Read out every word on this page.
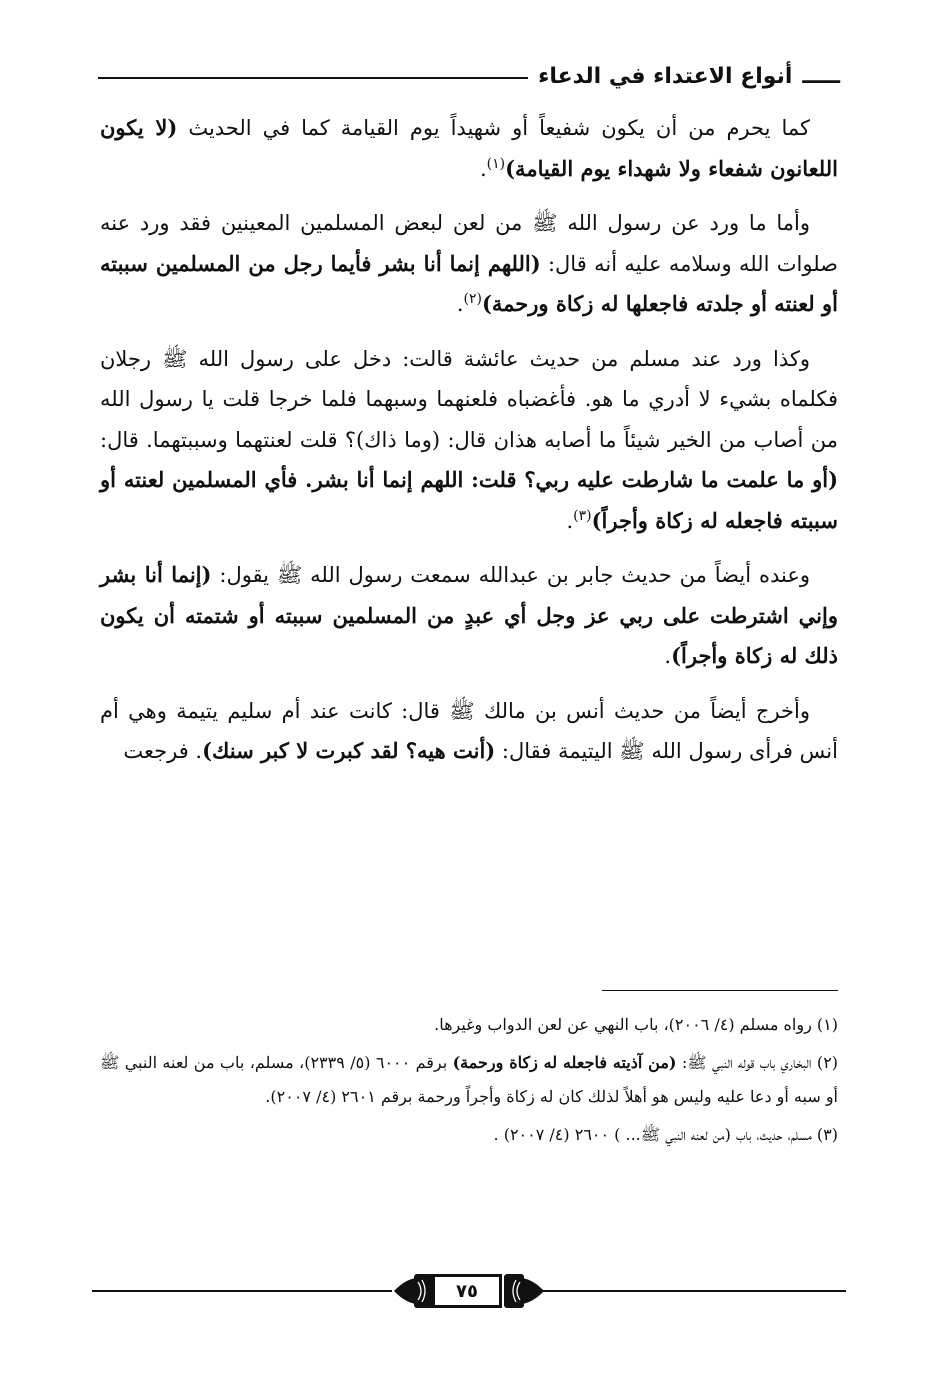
ـــــ
أنواع الاعتداء في الدعاء

كما يحرم من أن يكون شفيعاً أو شهيداً يوم القيامة كما في الحديث (لا يكون اللعانون شفعاء ولا شهداء يوم القيامة)$^{(١)}$.

وأما ما ورد عن رسول الله ﷺ من لعن لبعض المسلمين المعينين فقد ورد عنه صلوات الله وسلامه عليه أنه قال: (اللهم إنما أنا بشر فأيما رجل من المسلمين سببته أو لعنته أو جلدته فاجعلها له زكاة ورحمة)$^{(٢)}$.

وكذا ورد عند مسلم من حديث عائشة قالت: دخل على رسول الله ﷺ رجلان فكلماه بشيء لا أدري ما هو. فأغضباه فلعنهما وسبهما فلما خرجا قلت يا رسول الله من أصاب من الخير شيئاً ما أصابه هذان قال: (وما ذاك)؟ قلت لعنتهما وسببتهما. قال: (أو ما علمت ما شارطت عليه ربي؟ قلت: اللهم إنما أنا بشر. فأي المسلمين لعنته أو سببته فاجعله له زكاة وأجراً)$^{(٣)}$.

وعنده أيضاً من حديث جابر بن عبدالله سمعت رسول الله ﷺ يقول: (إنما أنا بشر وإني اشترطت على ربي عز وجل أي عبدٍ من المسلمين سببته أو شتمته أن يكون ذلك له زكاة وأجراً).

وأخرج أيضاً من حديث أنس بن مالك ﷺ قال: كانت عند أم سليم يتيمة وهي أم أنس فرأى رسول الله ﷺ اليتيمة فقال: (أنت هيه؟ لقد كبرت لا كبر سنك). فرجعت

(١) رواه مسلم (٤/ ٢٠٠٦)، باب النهي عن لعن الدواب وغيرها.

(٢) البخاري باب قوله النبي ﷺ: (من آذيته فاجعله له زكاة ورحمة) برقم ٦٠٠٠ (٥/ ٢٣٣٩)، مسلم، باب من لعنه النبي ﷺ أو سبه أو دعا عليه وليس هو أهلاً لذلك كان له زكاة وأجراً ورحمة برقم ٢٦٠١ (٤/ ٢٠٠٧).

(٣) مسلم، حديث، باب (من لعنه النبي ﷺ... ) ٢٦٠٠ (٤/ ٢٠٠٧) .

٧٥
